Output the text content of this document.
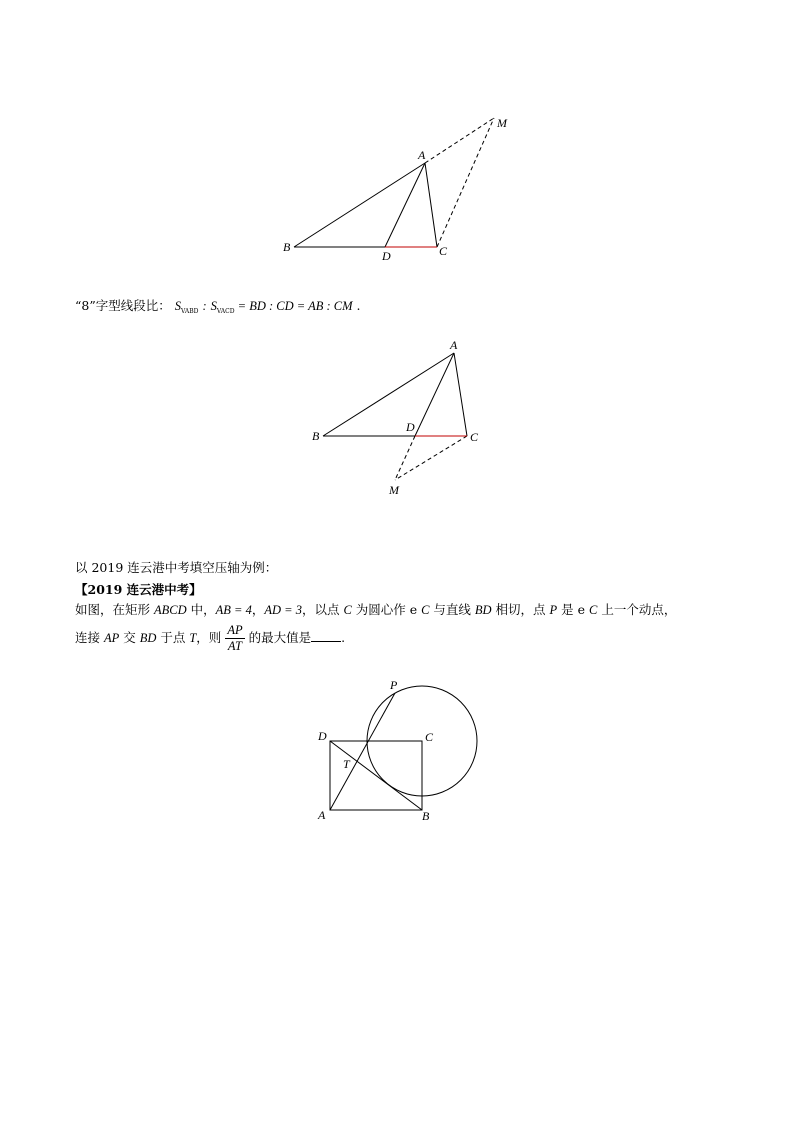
M
A
B
D	C
“8”字型线段比： $S_{VABD}$ : $S_{VACD}$ = BD : CD = AB : CM .
A
B
D
C
M
以 2019 连云港中考填空压轴为例：
【2019 连云港中考】
如图，在矩形 ABCD 中，AB = 4，AD = 3，以点 C 为圆心作 e C 与直线 BD 相切，点 P 是 e C 上一个动点，
连接 AP 交 BD 于点 T，则 $\frac{AP}{AT}$ 的最大值是 .
P
D	C
T
A	B
